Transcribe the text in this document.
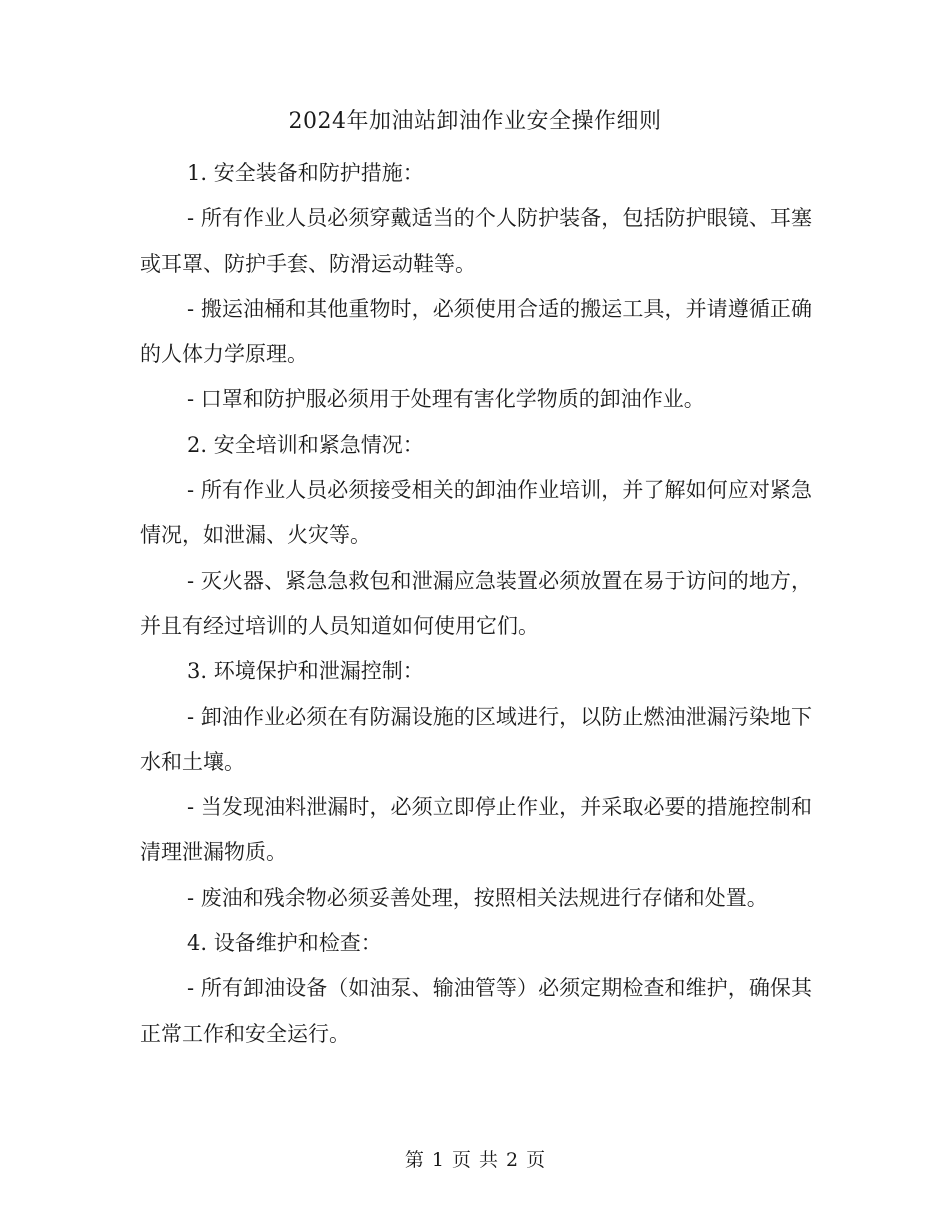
2024年加油站卸油作业安全操作细则

1. 安全装备和防护措施：

- 所有作业人员必须穿戴适当的个人防护装备，包括防护眼镜、耳塞或耳罩、防护手套、防滑运动鞋等。

- 搬运油桶和其他重物时，必须使用合适的搬运工具，并请遵循正确的人体力学原理。

- 口罩和防护服必须用于处理有害化学物质的卸油作业。

2. 安全培训和紧急情况：

- 所有作业人员必须接受相关的卸油作业培训，并了解如何应对紧急情况，如泄漏、火灾等。

- 灭火器、紧急急救包和泄漏应急装置必须放置在易于访问的地方，并且有经过培训的人员知道如何使用它们。

3. 环境保护和泄漏控制：

- 卸油作业必须在有防漏设施的区域进行，以防止燃油泄漏污染地下水和土壤。

- 当发现油料泄漏时，必须立即停止作业，并采取必要的措施控制和清理泄漏物质。

- 废油和残余物必须妥善处理，按照相关法规进行存储和处置。

4. 设备维护和检查：

- 所有卸油设备（如油泵、输油管等）必须定期检查和维护，确保其正常工作和安全运行。

第 1 页 共 2 页
